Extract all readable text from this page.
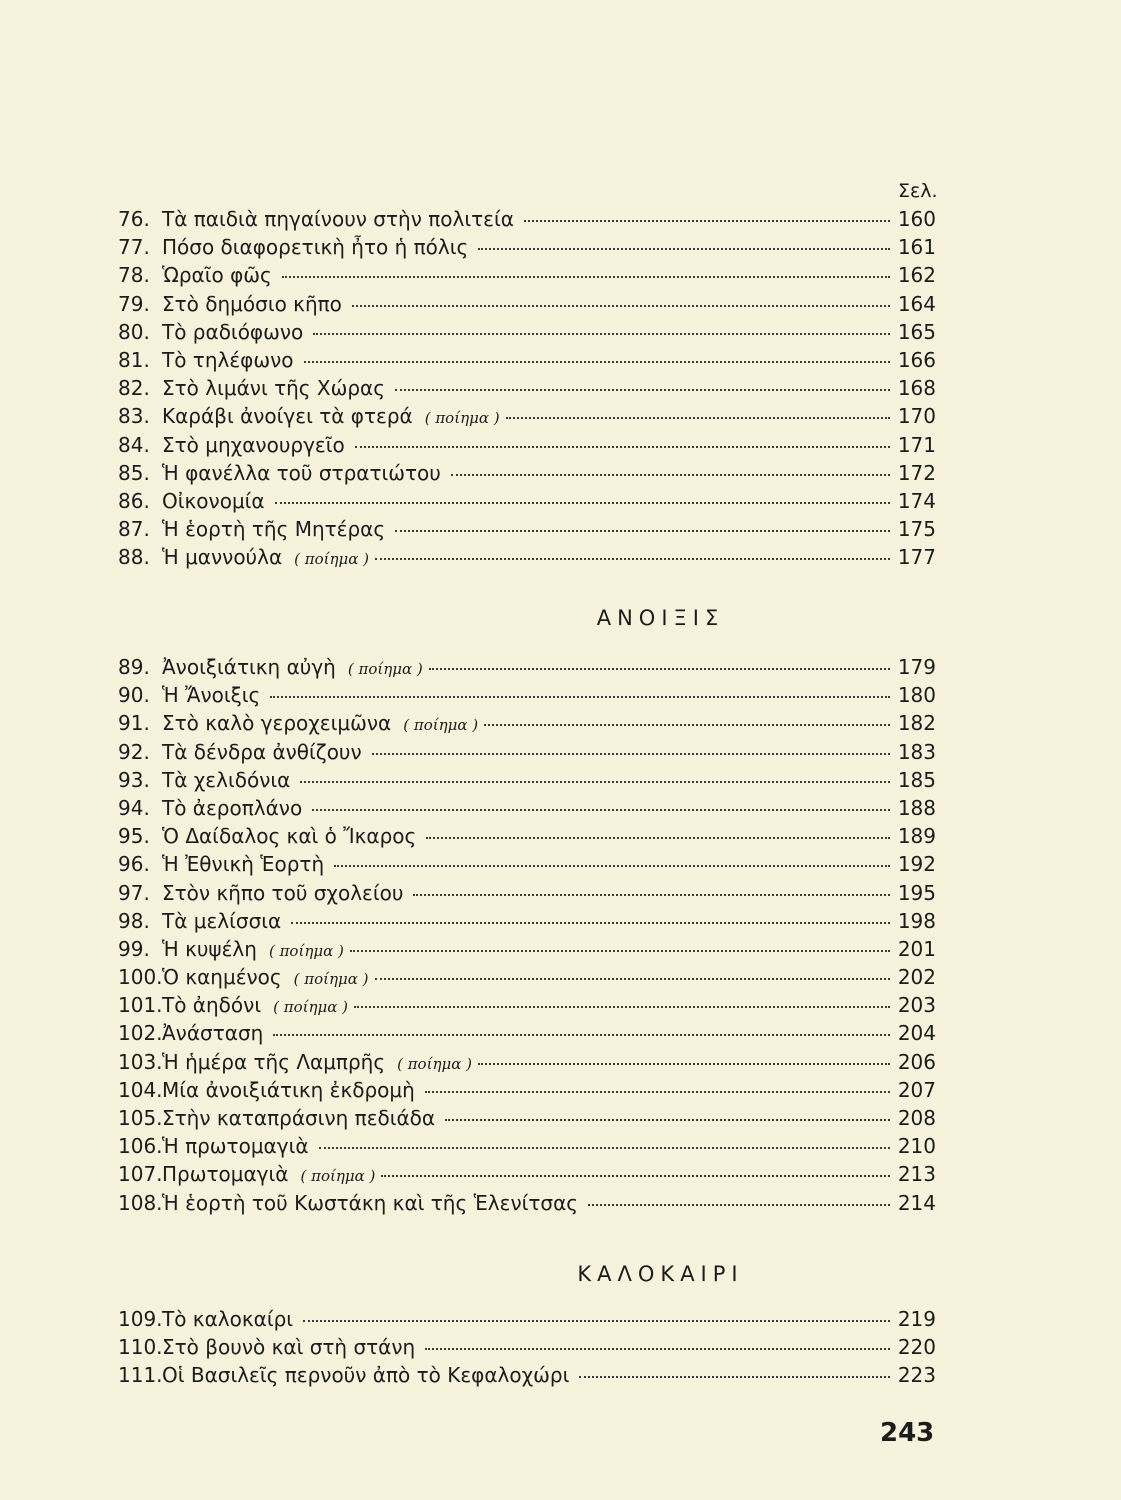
Σελ.
76. Τὰ παιδιὰ πηγαίνουν στὴν πολιτεία	160
77. Πόσο διαφορετικὴ ἦτο ἡ πόλις	161
78. Ὡραῖο φῶς	162
79. Στὸ δημόσιο κῆπο	164
80. Τὸ ραδιόφωνο	165
81. Τὸ τηλέφωνο	166
82. Στὸ λιμάνι τῆς Χώρας	168
83. Καράβι ἀνοίγει τὰ φτερά ( ποίημα )	170
84. Στὸ μηχανουργεῖο	171
85. Ἡ φανέλλα τοῦ στρατιώτου	172
86. Οἰκονομία	174
87. Ἡ ἑορτὴ τῆς Μητέρας	175
88. Ἡ μαννούλα ( ποίημα )	177
ΑΝΟΙΞΙΣ
89. Ἀνοιξιάτικη αὐγὴ ( ποίημα )	179
90. Ἡ Ἄνοιξις	180
91. Στὸ καλὸ γεροχειμῶνα ( ποίημα )	182
92. Τὰ δένδρα ἀνθίζουν	183
93. Τὰ χελιδόνια	185
94. Τὸ ἀεροπλάνο	188
95. Ὁ Δαίδαλος καὶ ὁ Ἴκαρος	189
96. Ἡ Ἐθνικὴ Ἑορτὴ	192
97. Στὸν κῆπο τοῦ σχολείου	195
98. Τὰ μελίσσια	198
99. Ἡ κυψέλη ( ποίημα )	201
100. Ὁ καημένος ( ποίημα )	202
101. Τὸ ἀηδόνι ( ποίημα )	203
102. Ἀνάσταση	204
103. Ἡ ἡμέρα τῆς Λαμπρῆς ( ποίημα )	206
104. Μία ἀνοιξιάτικη ἐκδρομὴ	207
105. Στὴν καταπράσινη πεδιάδα	208
106. Ἡ πρωτομαγιὰ	210
107. Πρωτομαγιὰ ( ποίημα )	213
108. Ἡ ἑορτὴ τοῦ Κωστάκη καὶ τῆς Ἑλενίτσας	214
ΚΑΛΟΚΑΙΡΙ
109. Τὸ καλοκαίρι	219
110. Στὸ βουνὸ καὶ στὴ στάνη	220
111. Οἱ Βασιλεῖς περνοῦν ἀπὸ τὸ Κεφαλοχώρι	223
243
